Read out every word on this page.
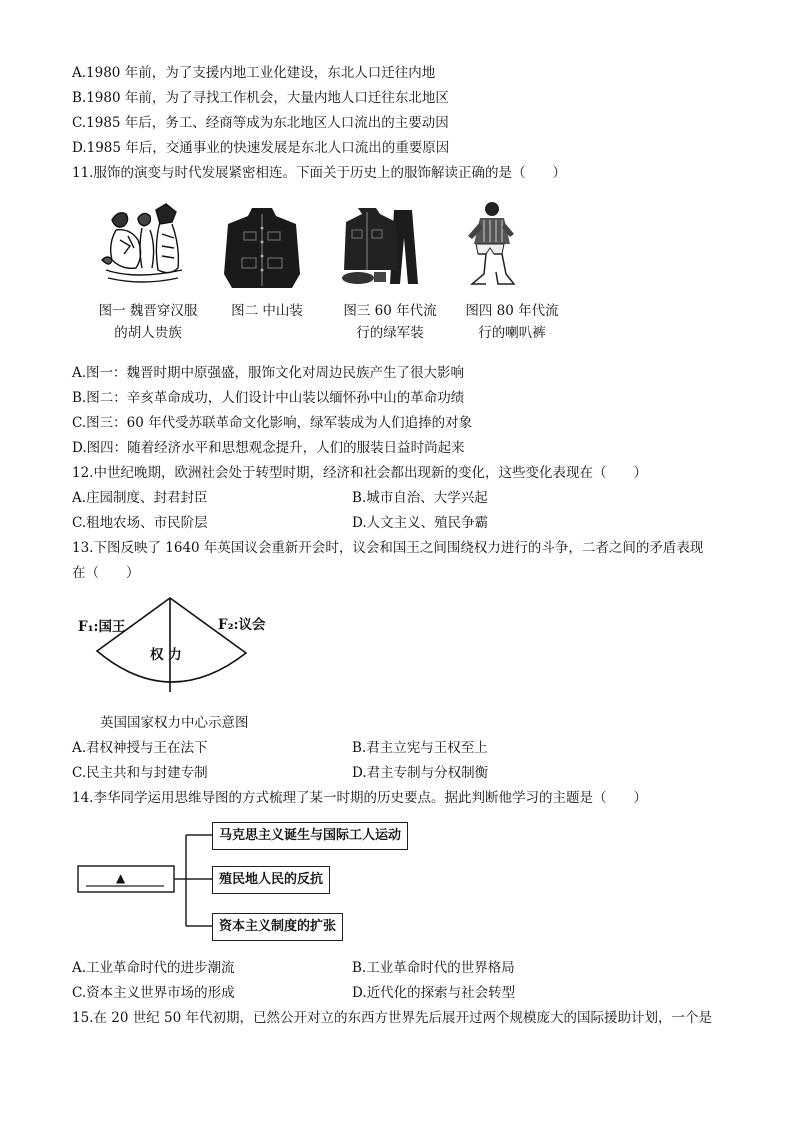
A.1980 年前，为了支援内地工业化建设，东北人口迁往内地
B.1980 年前，为了寻找工作机会，大量内地人口迁往东北地区
C.1985 年后，务工、经商等成为东北地区人口流出的主要动因
D.1985 年后，交通事业的快速发展是东北人口流出的重要原因
11.服饰的演变与时代发展紧密相连。下面关于历史上的服饰解读正确的是（　　）
图一 魏晋穿汉服
的胡人贵族
图二 中山装	图三 60 年代流
行的绿军装
图四 80 年代流
行的喇叭裤
A.图一：魏晋时期中原强盛，服饰文化对周边民族产生了很大影响
B.图二：辛亥革命成功，人们设计中山装以缅怀孙中山的革命功绩
C.图三：60 年代受苏联革命文化影响，绿军装成为人们追捧的对象
D.图四：随着经济水平和思想观念提升，人们的服装日益时尚起来
12.中世纪晚期，欧洲社会处于转型时期，经济和社会都出现新的变化，这些变化表现在（　　）
A.庄园制度、封君封臣	B.城市自治、大学兴起
C.租地农场、市民阶层	D.人文主义、殖民争霸
13.下图反映了 1640 年英国议会重新开会时，议会和国王之间围绕权力进行的斗争，二者之间的矛盾表现
在（　　）
F₁:国王	F₂:议会
权 力
英国国家权力中心示意图
A.君权神授与王在法下	B.君主立宪与王权至上
C.民主共和与封建专制	D.君主专制与分权制衡
14.李华同学运用思维导图的方式梳理了某一时期的历史要点。据此判断他学习的主题是（　　）
▲
马克思主义诞生与国际工人运动
殖民地人民的反抗
资本主义制度的扩张
A.工业革命时代的进步潮流	B.工业革命时代的世界格局
C.资本主义世界市场的形成	D.近代化的探索与社会转型
15.在 20 世纪 50 年代初期，已然公开对立的东西方世界先后展开过两个规模庞大的国际援助计划，一个是
